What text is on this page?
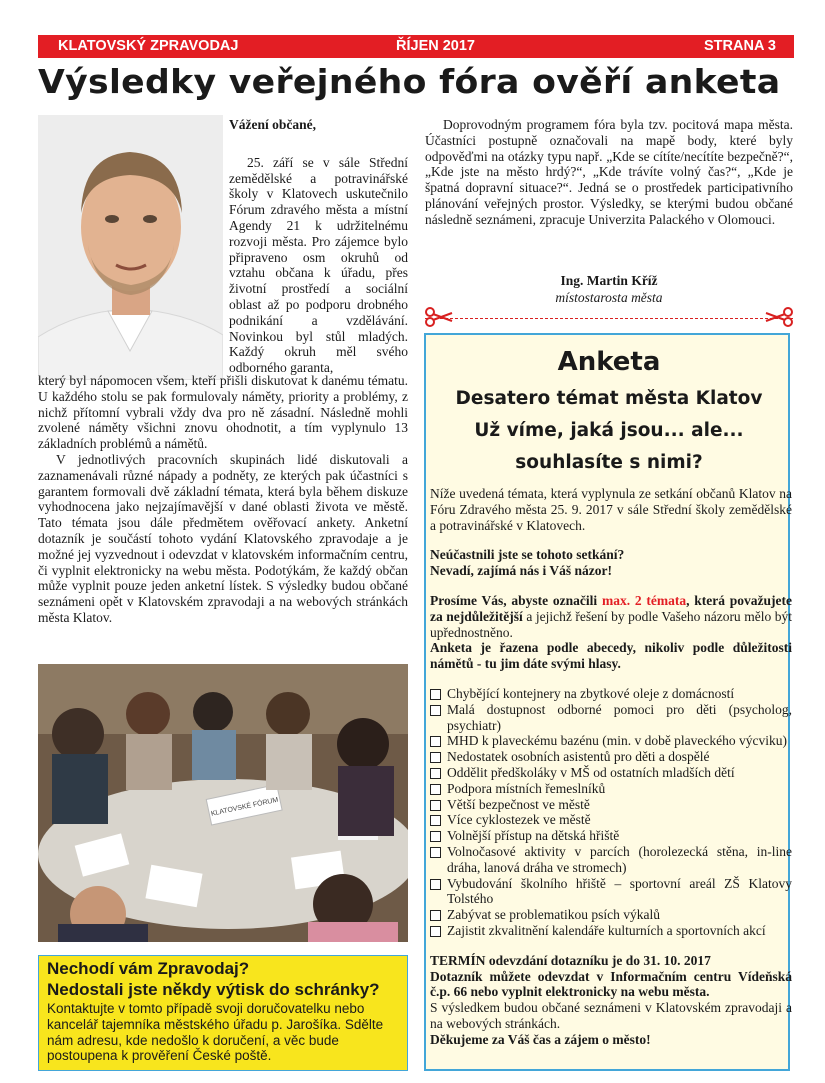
KLATOVSKÝ ZPRAVODAJ	ŘÍJEN 2017	STRANA 3
Výsledky veřejného fóra ověří anketa

Vážení občané,

25. září se v sále Střední zemědělské a potravinářské školy v Klatovech uskutečnilo Fórum zdravého města a místní Agendy 21 k udržitelnému rozvoji města. Pro zájemce bylo připraveno osm okruhů od vztahu občana k úřadu, přes životní prostředí a sociální oblast až po podporu drobného podnikání a vzdělávání. Novinkou byl stůl mladých. Každý okruh měl svého odborného garanta,

který byl nápomocen všem, kteří přišli diskutovat k danému tématu. U každého stolu se pak formulovaly náměty, priority a problémy, z nichž přítomní vybrali vždy dva pro ně zásadní. Následně mohli zvolené náměty všichni znovu ohodnotit, a tím vyplynulo 13 základních problémů a námětů.

V jednotlivých pracovních skupinách lidé diskutovali a zaznamenávali různé nápady a podněty, ze kterých pak účastníci s garantem formovali dvě základní témata, která byla během diskuze vyhodnocena jako nejzajímavější v dané oblasti života ve městě. Tato témata jsou dále předmětem ověřovací ankety. Anketní dotazník je součástí tohoto vydání Klatovského zpravodaje a je možné jej vyzvednout i odevzdat v klatovském informačním centru, či vyplnit elektronicky na webu města. Podotýkám, že každý občan může vyplnit pouze jeden anketní lístek. S výsledky budou občané seznámeni opět v Klatovském zpravodaji a na webových stránkách města Klatov.

KLATOVSKÉ FÓRUM

Doprovodným programem fóra byla tzv. pocitová mapa města. Účastníci postupně označovali na mapě body, které byly odpověďmi na otázky typu např. „Kde se cítíte/necítíte bezpečně?“, „Kde jste na město hrdý?“, „Kde trávíte volný čas?“, „Kde je špatná dopravní situace?“. Jedná se o prostředek participativního plánování veřejných prostor. Výsledky, se kterými budou občané následně seznámeni, zpracuje Univerzita Palackého v Olomouci.

Ing. Martin Kříž
místostarosta města
Anketa
Desatero témat města Klatov
Už víme, jaká jsou... ale...
souhlasíte s nimi?

Níže uvedená témata, která vyplynula ze setkání občanů Klatov na Fóru Zdravého města 25. 9. 2017 v sále Střední školy zemědělské a potravinářské v Klatovech.

Neúčastnili jste se tohoto setkání?

Nevadí, zajímá nás i Váš názor!

Prosíme Vás, abyste označili max. 2 témata, která považujete za nejdůležitější a jejichž řešení by podle Vašeho názoru mělo být upřednostněno.

Anketa je řazena podle abecedy, nikoliv podle důležitosti námětů - tu jim dáte svými hlasy.

Chybějící kontejnery na zbytkové oleje z domácností
Malá dostupnost odborné pomoci pro děti (psycholog, psychiatr)
MHD k plaveckému bazénu (min. v době plaveckého výcviku)
Nedostatek osobních asistentů pro děti a dospělé
Oddělit předškoláky v MŠ od ostatních mladších dětí
Podpora místních řemeslníků
Větší bezpečnost ve městě
Více cyklostezek ve městě
Volnější přístup na dětská hřiště
Volnočasové aktivity v parcích (horolezecká stěna, in-line dráha, lanová dráha ve stromech)
Vybudování školního hřiště – sportovní areál ZŠ Klatovy Tolstého
Zabývat se problematikou psích výkalů
Zajistit zkvalitnění kalendáře kulturních a sportovních akcí

TERMÍN odevzdání dotazníku je do 31. 10. 2017

Dotazník můžete odevzdat v Informačním centru Vídeňská č.p. 66 nebo vyplnit elektronicky na webu města.

S výsledkem budou občané seznámeni v Klatovském zpravodaji a na webových stránkách.

Děkujeme za Váš čas a zájem o město!

Nechodí vám Zpravodaj?
Nedostali jste někdy výtisk do schránky?
Kontaktujte v tomto případě svoji doručovatelku nebo kancelář tajemníka městského úřadu p. Jarošíka. Sdělte nám adresu, kde nedošlo k doručení, a věc bude postoupena k prověření České poště.
